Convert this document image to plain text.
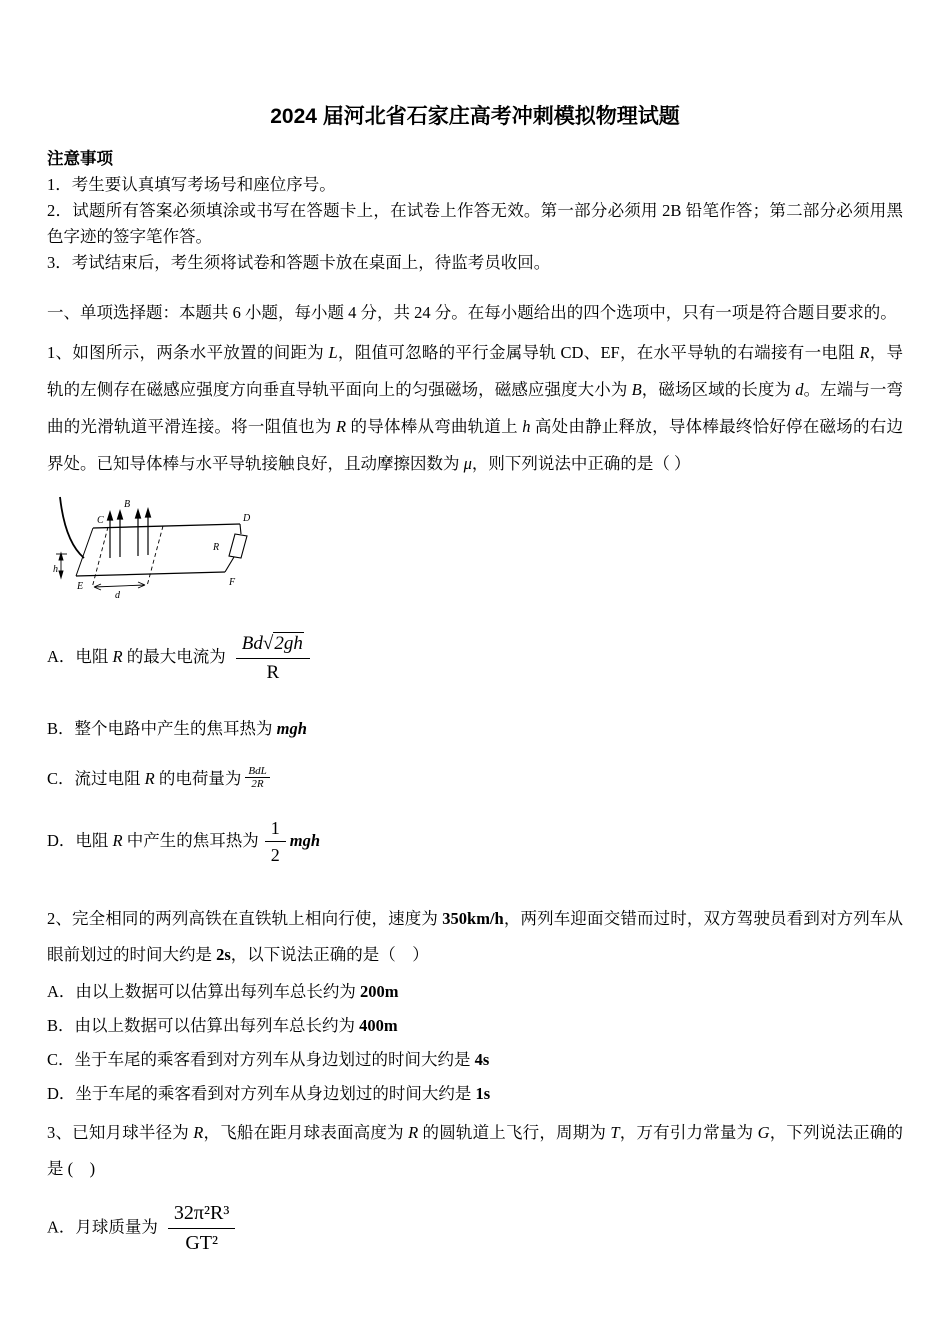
2024 届河北省石家庄高考冲刺模拟物理试题
注意事项
1．考生要认真填写考场号和座位序号。
2．试题所有答案必须填涂或书写在答题卡上，在试卷上作答无效。第一部分必须用 2B 铅笔作答；第二部分必须用黑色字迹的签字笔作答。
3．考试结束后，考生须将试卷和答题卡放在桌面上，待监考员收回。

一、单项选择题：本题共 6 小题，每小题 4 分，共 24 分。在每小题给出的四个选项中，只有一项是符合题目要求的。

1、如图所示，两条水平放置的间距为 L，阻值可忽略的平行金属导轨 CD、EF，在水平导轨的右端接有一电阻 R，导轨的左侧存在磁感应强度方向垂直导轨平面向上的匀强磁场，磁感应强度大小为 B，磁场区域的长度为 d。左端与一弯曲的光滑轨道平滑连接。将一阻值也为 R 的导体棒从弯曲轨道上 h 高处由静止释放，导体棒最终恰好停在磁场的右边界处。已知导体棒与水平导轨接触良好，且动摩擦因数为 μ，则下列说法中正确的是（ ）

B
C	D
E	F
R
h
d
A．电阻 R 的最大电流为 $\frac{Bd√2gh}{R}$
B．整个电路中产生的焦耳热为 mgh
C．流过电阻 R 的电荷量为 $\frac{\text{BdL}}{2R}$
D．电阻 R 中产生的焦耳热为 $\frac{1}{2}$ mgh

2、完全相同的两列高铁在直铁轨上相向行使，速度为 350km/h，两列车迎面交错而过时，双方驾驶员看到对方列车从眼前划过的时间大约是 2s，以下说法正确的是（　）

A．由以上数据可以估算出每列车总长约为 200m
B．由以上数据可以估算出每列车总长约为 400m
C．坐于车尾的乘客看到对方列车从身边划过的时间大约是 4s
D．坐于车尾的乘客看到对方列车从身边划过的时间大约是 1s

3、已知月球半径为 R，飞船在距月球表面高度为 R 的圆轨道上飞行，周期为 T，万有引力常量为 G，下列说法正确的是 (　)

A．月球质量为 $\frac{\text{32π²R³}}{\text{GT²}}$
